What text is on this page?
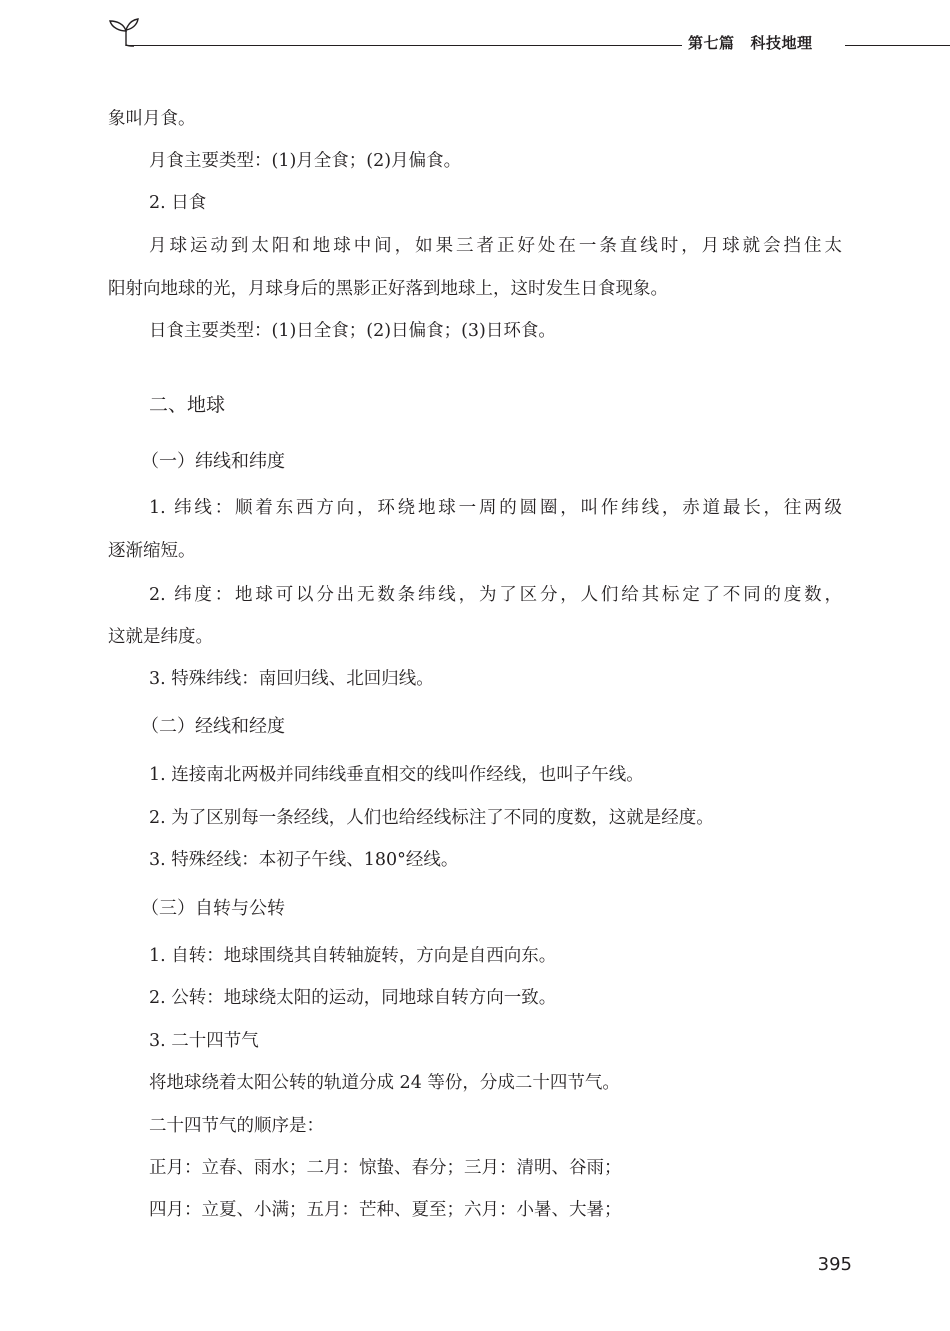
第七篇 科技地理
象叫月食。
月食主要类型：(1)月全食；(2)月偏食。
2. 日食
月球运动到太阳和地球中间，如果三者正好处在一条直线时，月球就会挡住太
阳射向地球的光，月球身后的黑影正好落到地球上，这时发生日食现象。
日食主要类型：(1)日全食；(2)日偏食；(3)日环食。
二、地球
（一）纬线和纬度
1. 纬线：顺着东西方向，环绕地球一周的圆圈，叫作纬线，赤道最长，往两级
逐渐缩短。
2. 纬度：地球可以分出无数条纬线，为了区分，人们给其标定了不同的度数，
这就是纬度。
3. 特殊纬线：南回归线、北回归线。
（二）经线和经度
1. 连接南北两极并同纬线垂直相交的线叫作经线，也叫子午线。
2. 为了区别每一条经线，人们也给经线标注了不同的度数，这就是经度。
3. 特殊经线：本初子午线、180°经线。
（三）自转与公转
1. 自转：地球围绕其自转轴旋转，方向是自西向东。
2. 公转：地球绕太阳的运动，同地球自转方向一致。
3. 二十四节气
将地球绕着太阳公转的轨道分成 24 等份，分成二十四节气。
二十四节气的顺序是：
正月：立春、雨水；二月：惊蛰、春分；三月：清明、谷雨；
四月：立夏、小满；五月：芒种、夏至；六月：小暑、大暑；
395
